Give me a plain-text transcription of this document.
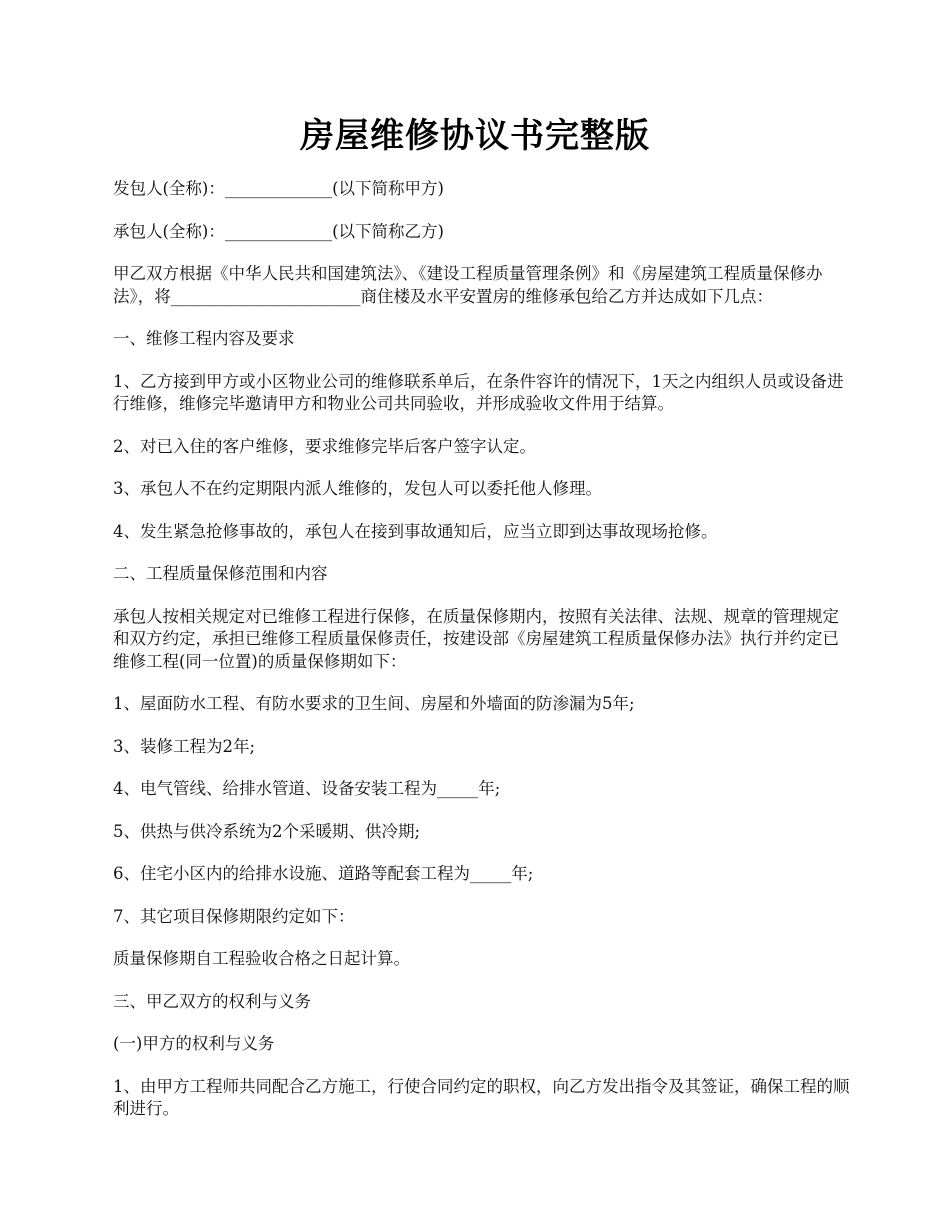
房屋维修协议书完整版

发包人(全称)：_____________(以下简称甲方)

承包人(全称)：_____________(以下简称乙方)

甲乙双方根据《中华人民共和国建筑法》、《建设工程质量管理条例》和《房屋建筑工程质量保修办法》，将_______________________商住楼及水平安置房的维修承包给乙方并达成如下几点：

一、维修工程内容及要求

1、乙方接到甲方或小区物业公司的维修联系单后，在条件容许的情况下，1天之内组织人员或设备进行维修，维修完毕邀请甲方和物业公司共同验收，并形成验收文件用于结算。

2、对已入住的客户维修，要求维修完毕后客户签字认定。

3、承包人不在约定期限内派人维修的，发包人可以委托他人修理。

4、发生紧急抢修事故的，承包人在接到事故通知后，应当立即到达事故现场抢修。

二、工程质量保修范围和内容

承包人按相关规定对已维修工程进行保修，在质量保修期内，按照有关法律、法规、规章的管理规定和双方约定，承担已维修工程质量保修责任，按建设部《房屋建筑工程质量保修办法》执行并约定已维修工程(同一位置)的质量保修期如下：

1、屋面防水工程、有防水要求的卫生间、房屋和外墙面的防渗漏为5年;

3、装修工程为2年;

4、电气管线、给排水管道、设备安装工程为_____年;

5、供热与供冷系统为2个采暖期、供冷期;

6、住宅小区内的给排水设施、道路等配套工程为_____年;

7、其它项目保修期限约定如下：

质量保修期自工程验收合格之日起计算。

三、甲乙双方的权利与义务

(一)甲方的权利与义务

1、由甲方工程师共同配合乙方施工，行使合同约定的职权，向乙方发出指令及其签证，确保工程的顺利进行。
